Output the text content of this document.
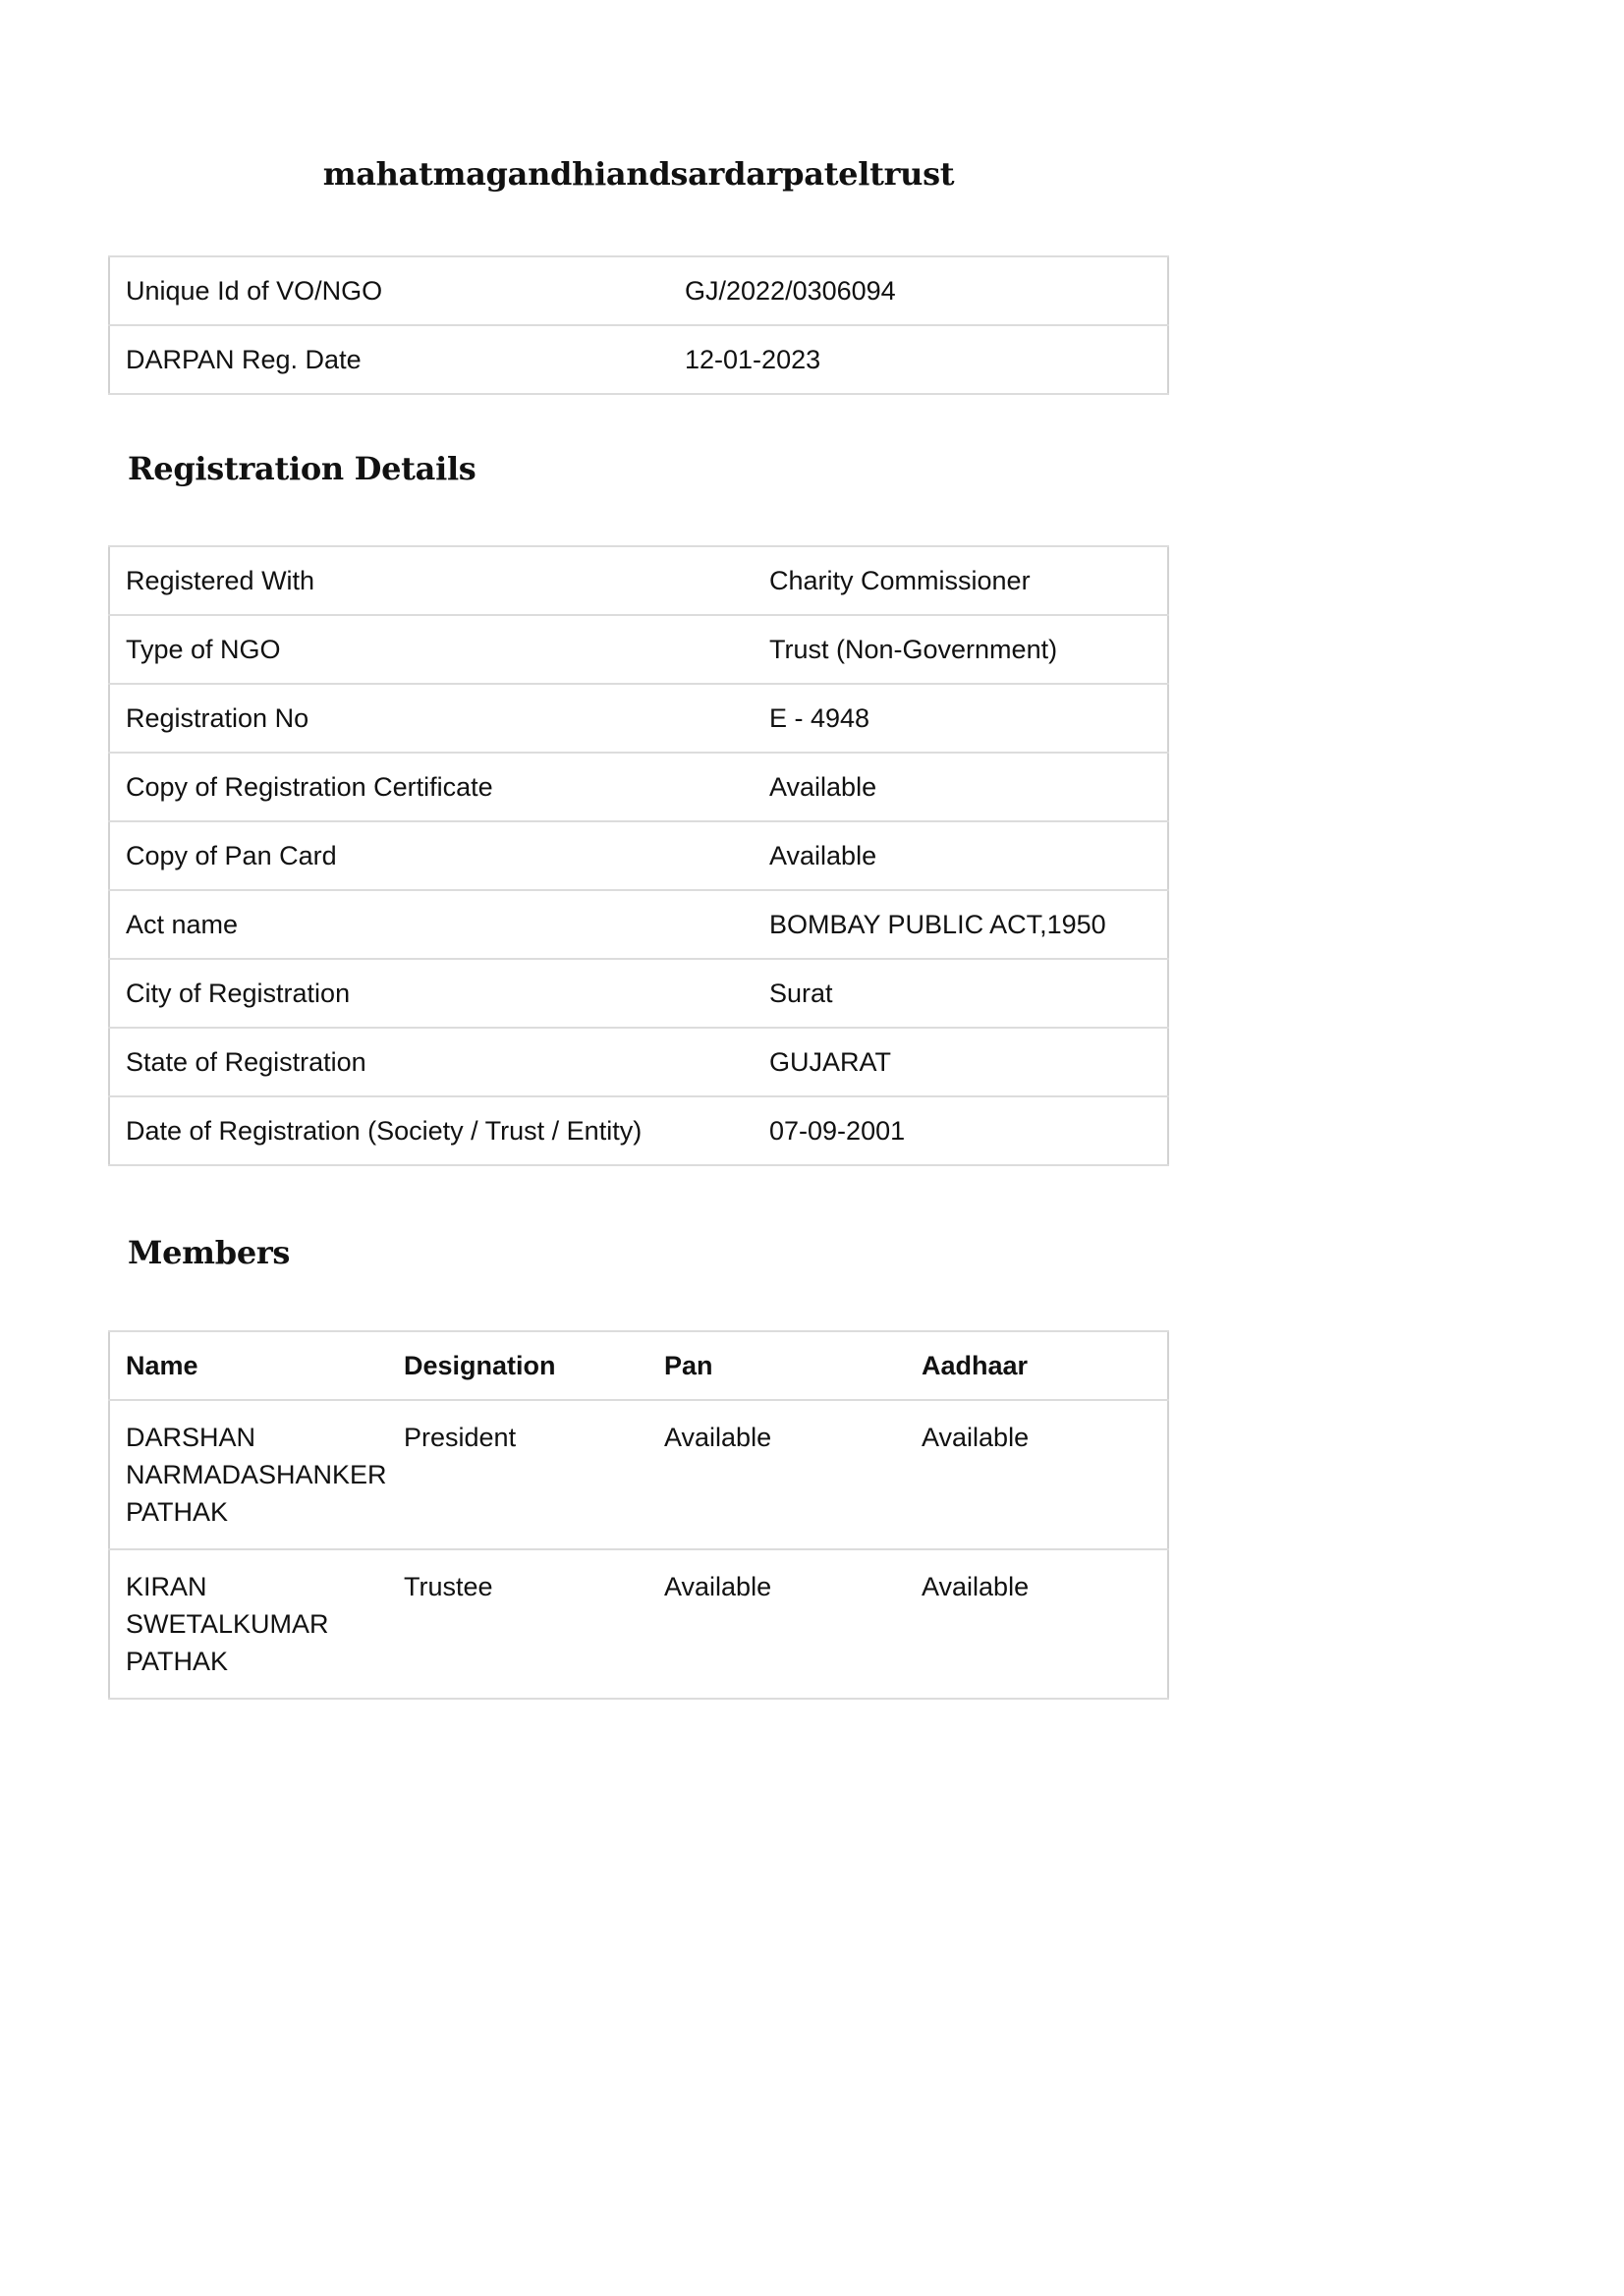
mahatmagandhiandsardarpateltrust
Unique Id of VO/NGO	GJ/2022/0306094
DARPAN Reg. Date	12-01-2023
Registration Details
Registered With	Charity Commissioner
Type of NGO	Trust (Non-Government)
Registration No	E - 4948
Copy of Registration Certificate	Available
Copy of Pan Card	Available
Act name	BOMBAY PUBLIC ACT,1950
City of Registration	Surat
State of Registration	GUJARAT
Date of Registration (Society / Trust / Entity)	07-09-2001
Members
Name	Designation	Pan	Aadhaar

DARSHAN
NARMADASHANKER
PATHAK	President	Available	Available

KIRAN
SWETALKUMAR
PATHAK	Trustee	Available	Available
